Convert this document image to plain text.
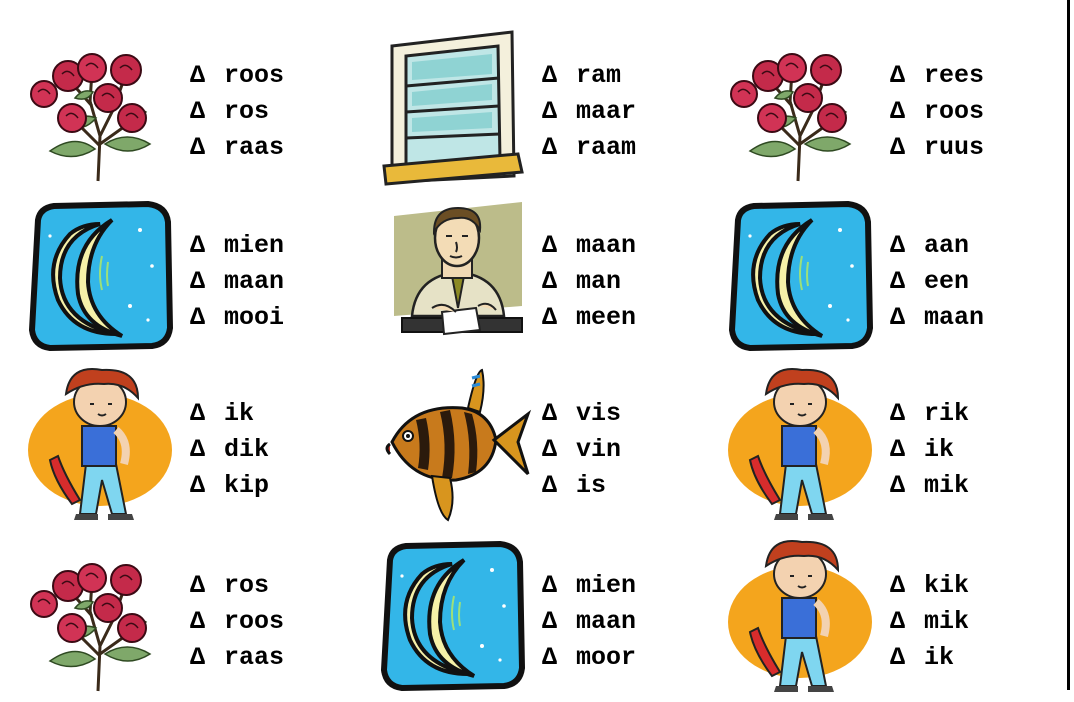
Δ roos
Δ ros
Δ raas
Δ ram
Δ maar
Δ raam
Δ rees
Δ roos
Δ ruus
Δ mien
Δ maan
Δ mooi
Δ maan
Δ man
Δ meen
Δ aan
Δ een
Δ maan
Δ ik
Δ dik
Δ kip
Δ vis
Δ vin
Δ is
Δ rik
Δ ik
Δ mik
Δ ros
Δ roos
Δ raas
Δ mien
Δ maan
Δ moor
Δ kik
Δ mik
Δ ik
